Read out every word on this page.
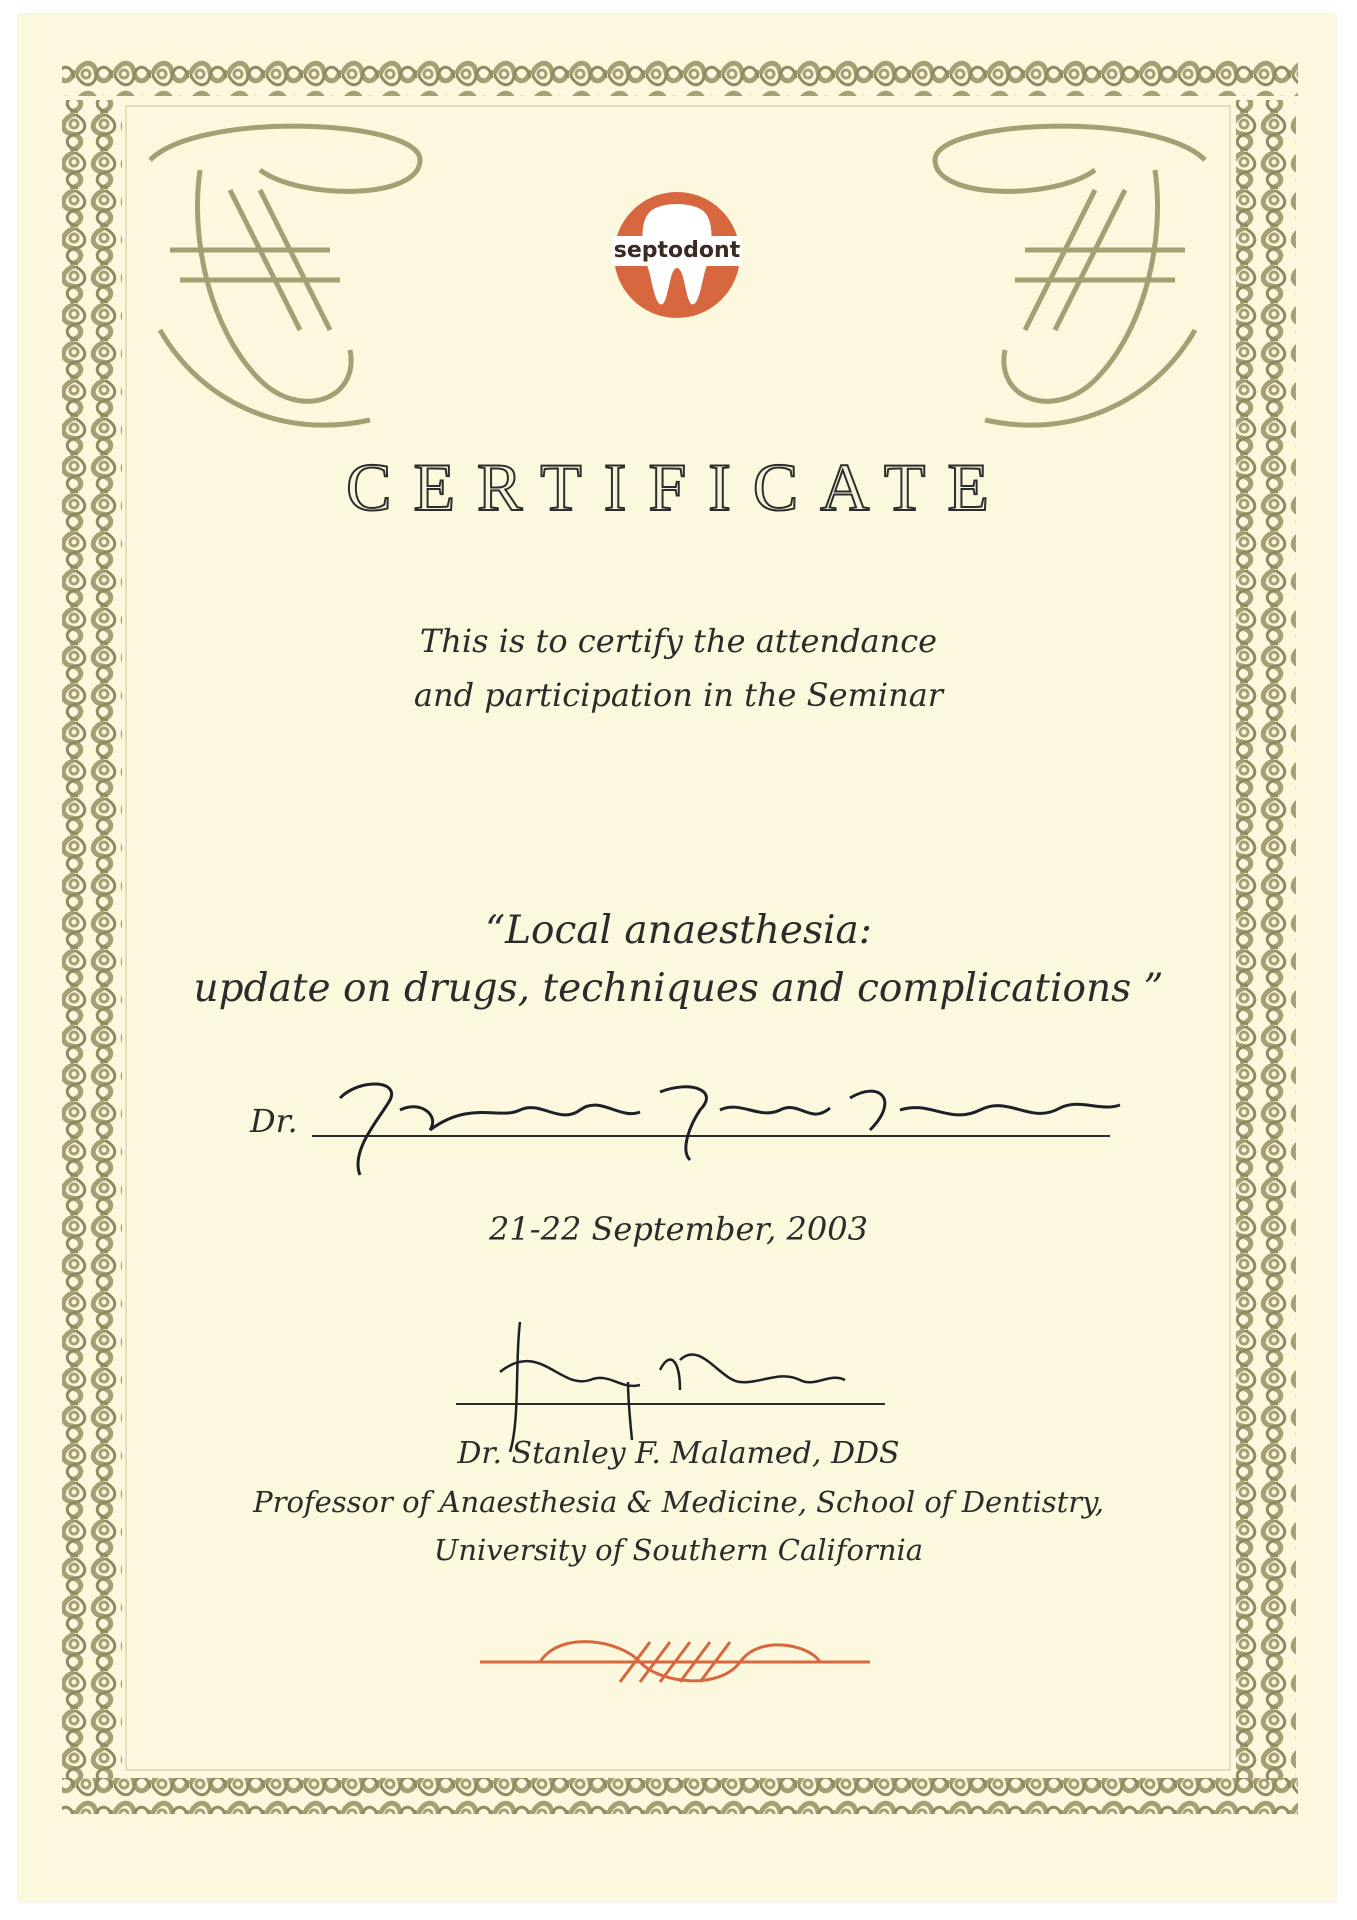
septodont
CERTIFICATE
This is to certify the attendance
and participation in the Seminar
“Local anaesthesia:
update on drugs, techniques and complications ”
Dr.
21-22 September, 2003
Dr. Stanley F. Malamed, DDS
Professor of Anaesthesia & Medicine, School of Dentistry,
University of Southern California
